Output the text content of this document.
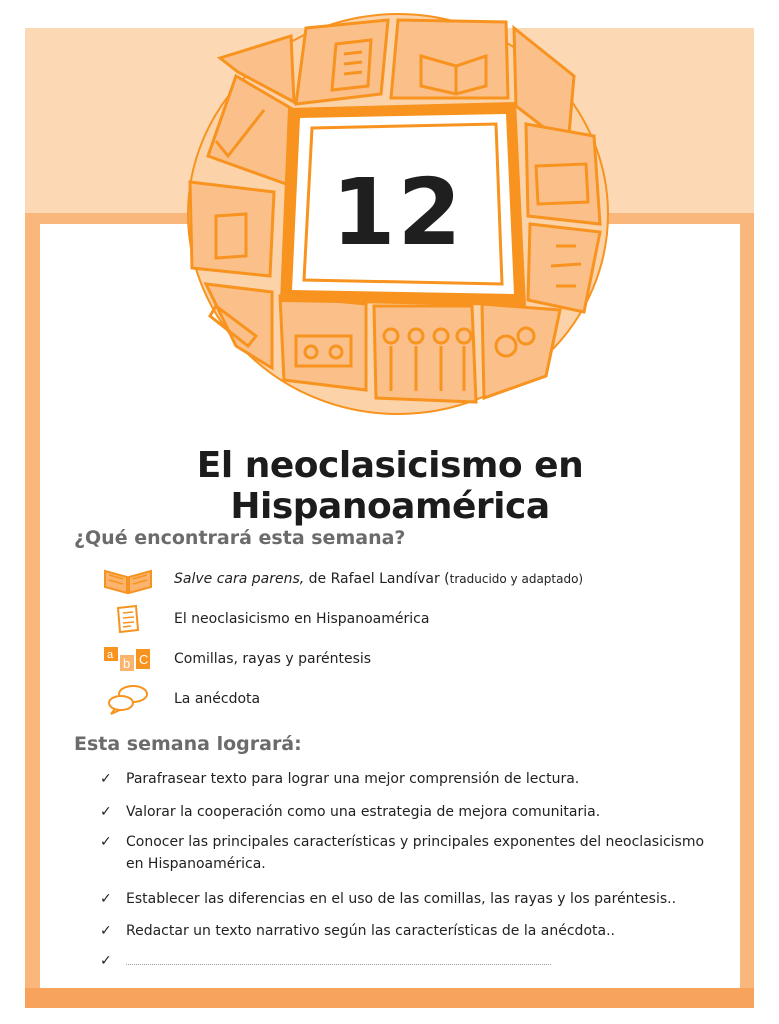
12
El neoclasicismo en Hispanoamérica
¿Qué encontrará esta semana?
Salve cara parens, de Rafael Landívar (traducido y adaptado)
El neoclasicismo en Hispanoamérica
a
b C Comillas, rayas y paréntesis
La anécdota
Esta semana logrará:
✓	Parafrasear texto para lograr una mejor comprensión de lectura.
✓	Valorar la cooperación como una estrategia de mejora comunitaria.
✓	Conocer las principales características y principales exponentes del neoclasicismo en Hispanoamérica.
✓	Establecer las diferencias en el uso de las comillas, las rayas y los paréntesis..
✓	Redactar un texto narrativo según las características de la anécdota..
✓
